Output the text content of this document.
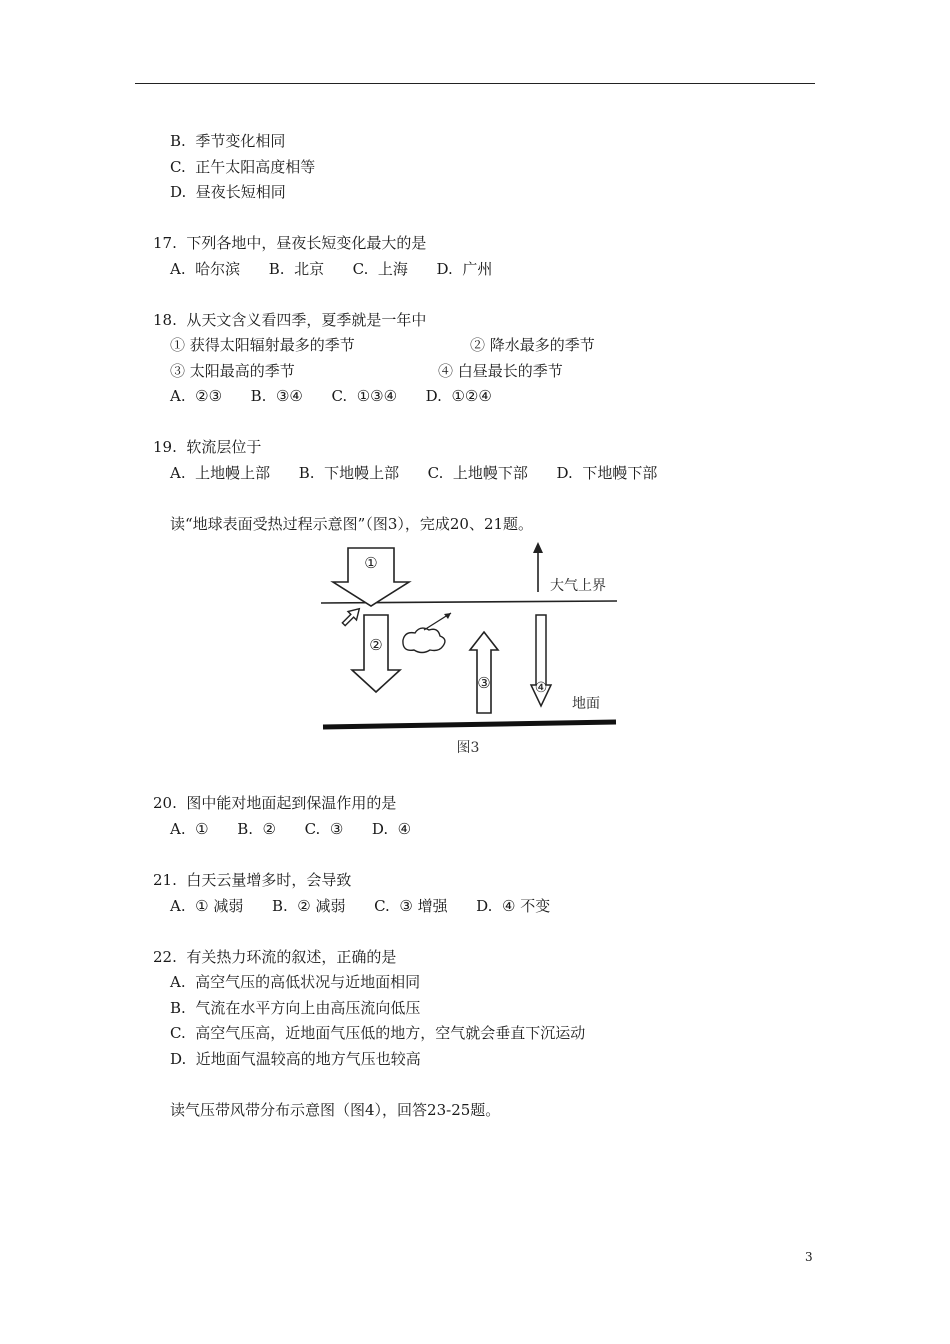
B.  季节变化相同
C.  正午太阳高度相等
D.  昼夜长短相同
17.  下列各地中，昼夜长短变化最大的是
A.  哈尔滨      B.  北京      C.  上海      D.  广州
18.  从天文含义看四季，夏季就是一年中
① 获得太阳辐射最多的季节	② 降水最多的季节
③ 太阳最高的季节	④ 白昼最长的季节
A.  ②③      B.  ③④      C.  ①③④      D.  ①②④
19.  软流层位于
A.  上地幔上部      B.  下地幔上部      C.  上地幔下部      D.  下地幔下部
读“地球表面受热过程示意图”（图3），完成20、21题。
①
②
③	④
大气上界
地面
图3
20.  图中能对地面起到保温作用的是
A.  ①      B.  ②      C.  ③      D.  ④
21.  白天云量增多时，会导致
A.  ① 减弱      B.  ② 减弱      C.  ③ 增强      D.  ④ 不变
22.  有关热力环流的叙述，正确的是
A.  高空气压的高低状况与近地面相同
B.  气流在水平方向上由高压流向低压
C.  高空气压高，近地面气压低的地方，空气就会垂直下沉运动
D.  近地面气温较高的地方气压也较高
读气压带风带分布示意图（图4），回答23-25题。
3
